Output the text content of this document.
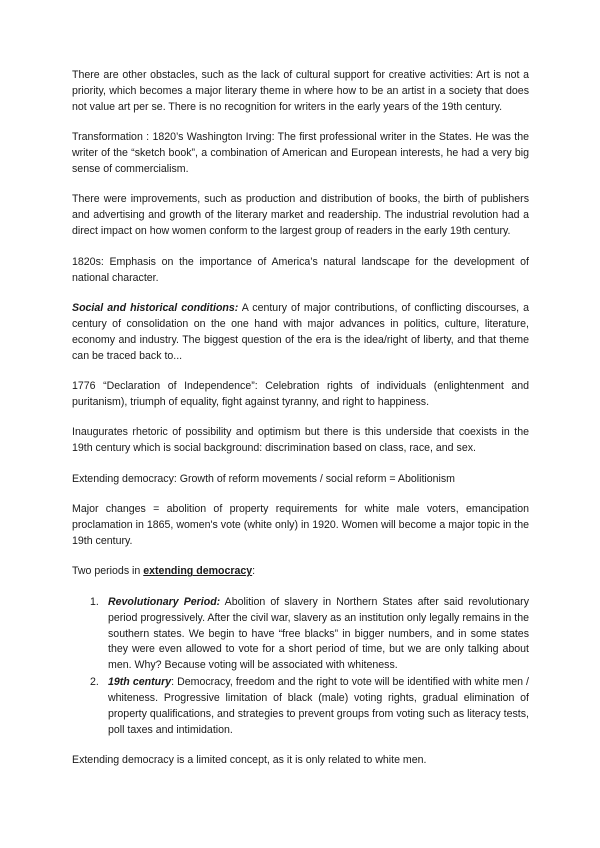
There are other obstacles, such as the lack of cultural support for creative activities: Art is not a priority, which becomes a major literary theme in where how to be an artist in a society that does not value art per se. There is no recognition for writers in the early years of the 19th century.

Transformation : 1820’s Washington Irving: The first professional writer in the States. He was the writer of the “sketch book”, a combination of American and European interests, he had a very big sense of commercialism.

There were improvements, such as production and distribution of books, the birth of publishers and advertising and growth of the literary market and readership. The industrial revolution had a direct impact on how women conform to the largest group of readers in the early 19th century.

1820s: Emphasis on the importance of America’s natural landscape for the development of national character.

Social and historical conditions: A century of major contributions, of conflicting discourses, a century of consolidation on the one hand with major advances in politics, culture, literature, economy and industry. The biggest question of the era is the idea/right of liberty, and that theme can be traced back to...

1776 “Declaration of Independence”: Celebration rights of individuals (enlightenment and puritanism), triumph of equality, fight against tyranny, and right to happiness.

Inaugurates rhetoric of possibility and optimism but there is this underside that coexists in the 19th century which is social background: discrimination based on class, race, and sex.

Extending democracy: Growth of reform movements / social reform = Abolitionism

Major changes = abolition of property requirements for white male voters, emancipation proclamation in 1865, women's vote (white only) in 1920. Women will become a major topic in the 19th century.

Two periods in extending democracy:

1. Revolutionary Period: Abolition of slavery in Northern States after said revolutionary period progressively. After the civil war, slavery as an institution only legally remains in the southern states. We begin to have “free blacks” in bigger numbers, and in some states they were even allowed to vote for a short period of time, but we are only talking about men. Why? Because voting will be associated with whiteness.
2. 19th century: Democracy, freedom and the right to vote will be identified with white men / whiteness. Progressive limitation of black (male) voting rights, gradual elimination of property qualifications, and strategies to prevent groups from voting such as literacy tests, poll taxes and intimidation.

Extending democracy is a limited concept, as it is only related to white men.
